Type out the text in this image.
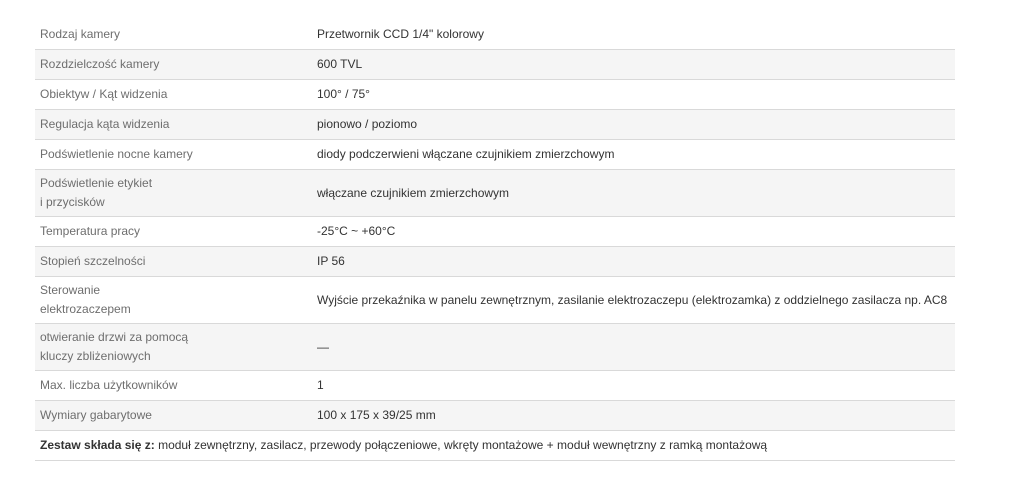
Rodzaj kamery	Przetwornik CCD 1/4" kolorowy
Rozdzielczość kamery	600 TVL
Obiektyw / Kąt widzenia	100° / 75°
Regulacja kąta widzenia	pionowo / poziomo
Podświetlenie nocne kamery	diody podczerwieni włączane czujnikiem zmierzchowym
Podświetlenie etykiet
i przycisków	włączane czujnikiem zmierzchowym
Temperatura pracy	-25°C ~ +60°C
Stopień szczelności	IP 56
Sterowanie
elektrozaczepem	Wyjście przekaźnika w panelu zewnętrznym, zasilanie elektrozaczepu (elektrozamka) z oddzielnego zasilacza np. AC8
otwieranie drzwi za pomocą
kluczy zbliżeniowych	—
Max. liczba użytkowników	1
Wymiary gabarytowe	100 x 175 x 39/25 mm
Zestaw składa się z: moduł zewnętrzny, zasilacz, przewody połączeniowe, wkręty montażowe + moduł wewnętrzny z ramką montażową	
